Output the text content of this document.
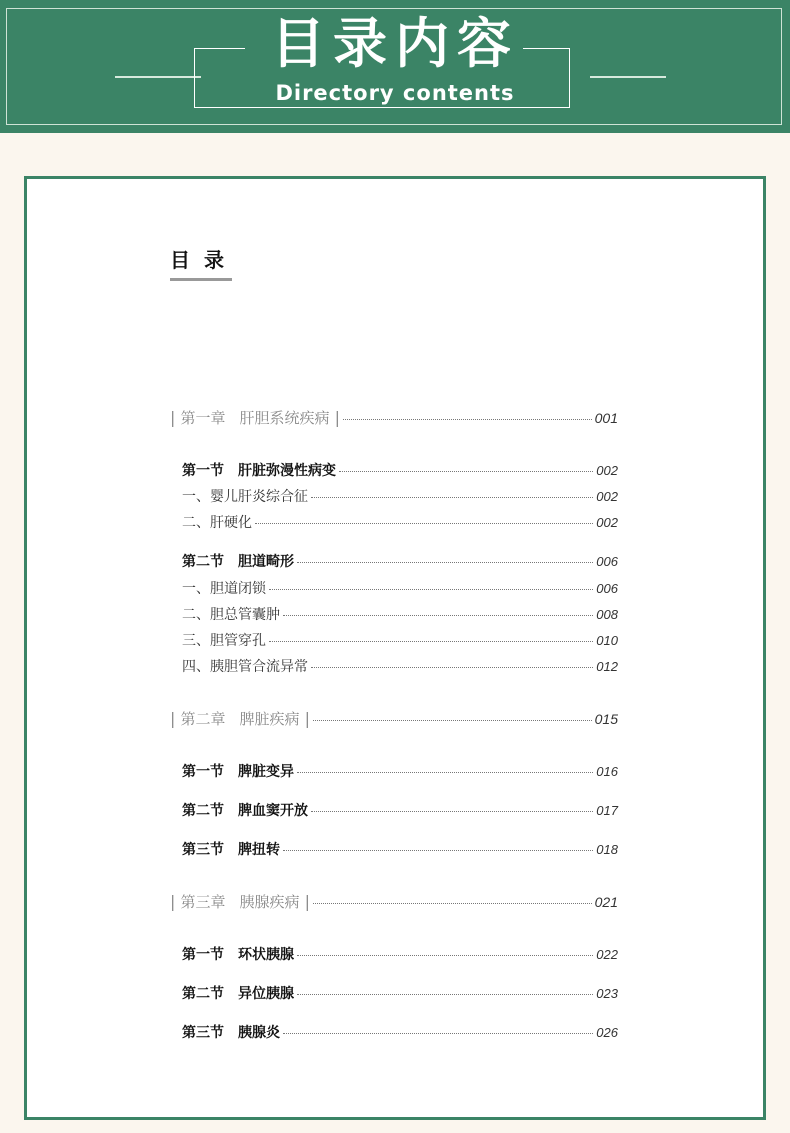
目录内容
Directory contents
目录
| 第一章 肝胆系统疾病 |	001
第一节 肝脏弥漫性病变	002
一、婴儿肝炎综合征	002
二、肝硬化	002
第二节 胆道畸形	006
一、胆道闭锁	006
二、胆总管囊肿	008
三、胆管穿孔	010
四、胰胆管合流异常	012
| 第二章 脾脏疾病 |	015
第一节 脾脏变异	016
第二节 脾血窦开放	017
第三节 脾扭转	018
| 第三章 胰腺疾病 |	021
第一节 环状胰腺	022
第二节 异位胰腺	023
第三节 胰腺炎	026
